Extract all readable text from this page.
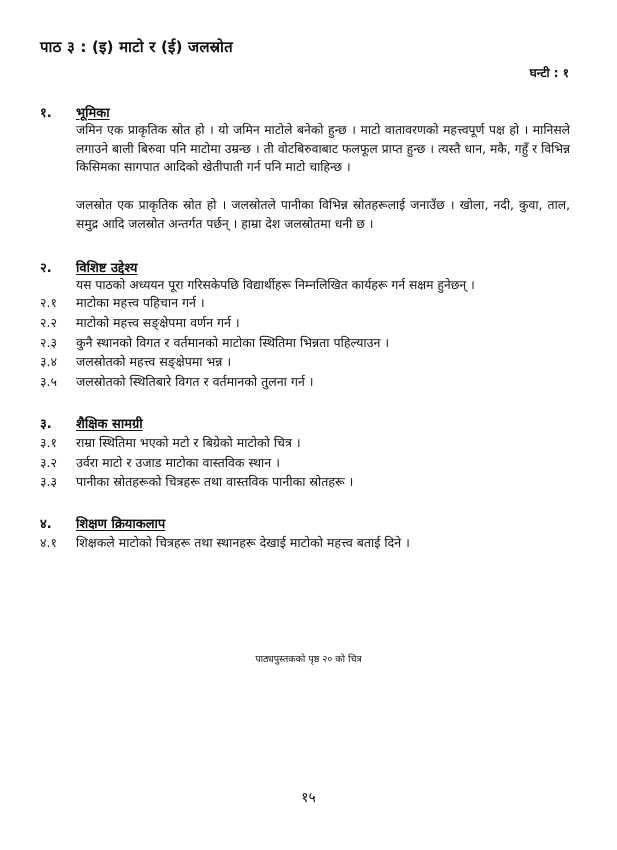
पाठ ३ : (इ) माटो र (ई) जलस्रोत
घन्टी : १
१. भूमिका
जमिन एक प्राकृतिक स्रोत हो । यो जमिन माटोले बनेको हुन्छ । माटो वातावरणको महत्त्वपूर्ण पक्ष हो । मानिसले लगाउने बाली बिरुवा पनि माटोमा उम्रन्छ । ती वोटबिरुवाबाट फलफूल प्राप्त हुन्छ । त्यस्तै धान, मकै, गहुँ र विभिन्न किसिमका सागपात आदिको खेतीपाती गर्न पनि माटो चाहिन्छ ।
जलस्रोत एक प्राकृतिक स्रोत हो । जलस्रोतले पानीका विभिन्न स्रोतहरूलाई जनाउँछ । खोला, नदी, कुवा, ताल, समुद्र आदि जलस्रोत अन्तर्गत पर्छन् । हाम्रा देश जलस्रोतमा धनी छ ।
२. विशिष्ट उद्देश्य
यस पाठको अध्ययन पूरा गरिसकेपछि विद्यार्थीहरू निम्नलिखित कार्यहरू गर्न सक्षम हुनेछन् ।
२.१	माटोका महत्त्व पहिचान गर्न ।
२.२	माटोको महत्त्व सङ्क्षेपमा वर्णन गर्न ।
२.३	कुनै स्थानको विगत र वर्तमानको माटोका स्थितिमा भिन्नता पहिल्याउन ।
३.४	जलस्रोतको महत्त्व सङ्क्षेपमा भन्न ।
३.५	जलस्रोतको स्थितिबारे विगत र वर्तमानको तुलना गर्न ।
३. शैक्षिक सामग्री
३.१	राम्रा स्थितिमा भएको मटो र बिग्रेको माटोको चित्र ।
३.२	उर्वरा माटो र उजाड माटोका वास्तविक स्थान ।
३.३	पानीका स्रोतहरूको चित्रहरू तथा वास्तविक पानीका स्रोतहरू ।
४. शिक्षण क्रियाकलाप
४.१	शिक्षकले माटोको चित्रहरू तथा स्थानहरू देखाई माटोको महत्त्व बताई दिने ।
पाठ्यपुस्तकको पृष्ठ २० को चित्र
१५
